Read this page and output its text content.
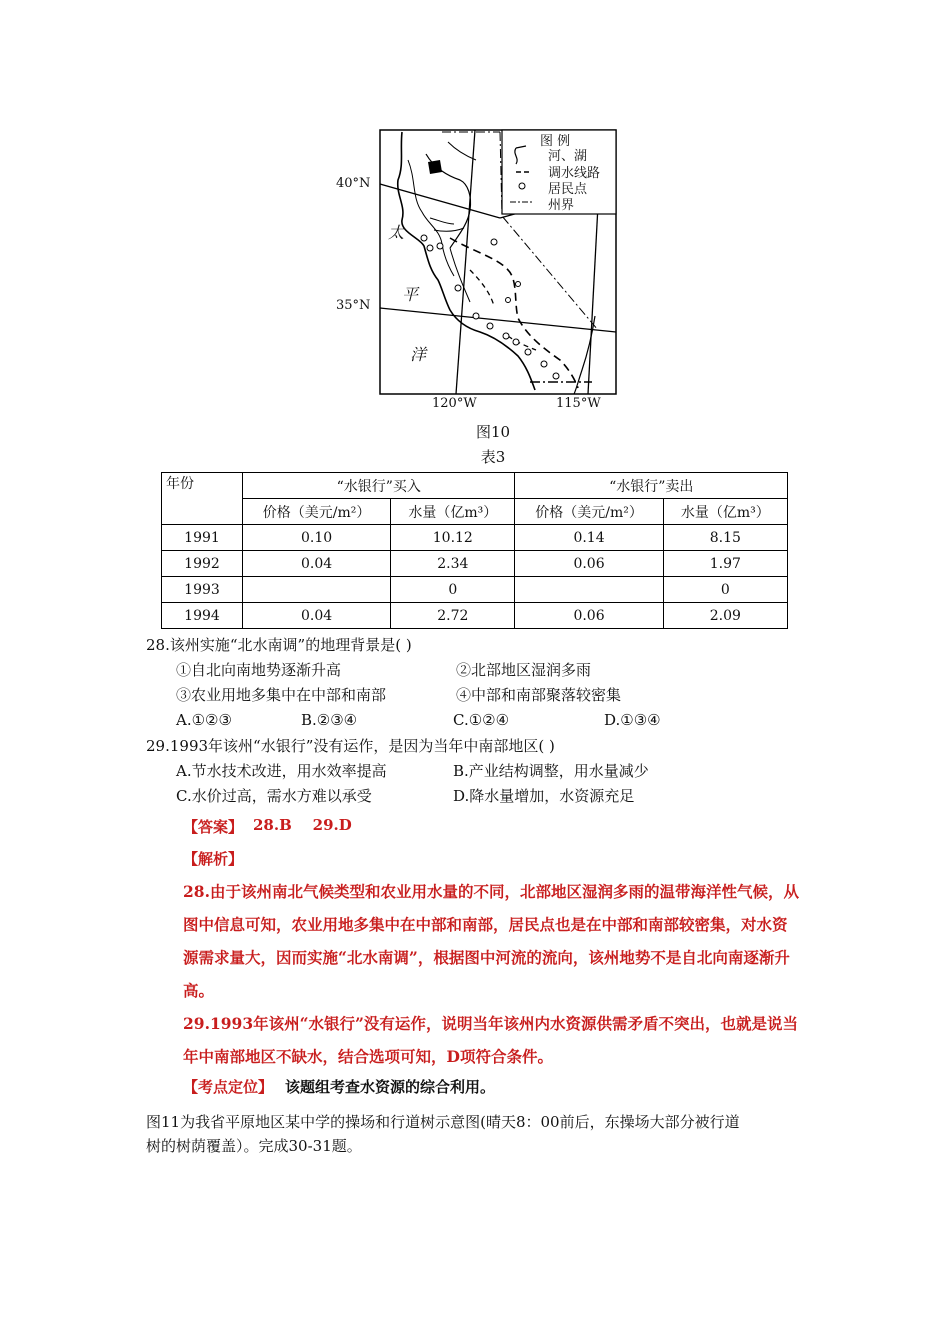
图 例
河、湖
调水线路
居民点
州界
40°N
35°N
120°W	115°W
太
平
洋
图10
表3
年份	“水银行”买入		“水银行”卖出	
	价格（美元/m²）	水量（亿m³）	价格（美元/m²）	水量（亿m³）
1991	0.10	10.12	0.14	8.15
1992	0.04	2.34	0.06	1.97
1993		0		0
1994	0.04	2.72	0.06	2.09
28.该州实施“北水南调”的地理背景是( )
①自北向南地势逐渐升高	②北部地区湿润多雨
③农业用地多集中在中部和南部	④中部和南部聚落较密集
A.①②③	B.②③④	C.①②④	D.①③④
29.1993年该州“水银行”没有运作，是因为当年中南部地区( )
A.节水技术改进，用水效率提高	B.产业结构调整，用水量减少
C.水价过高，需水方难以承受	D.降水量增加，水资源充足
【答案】 28.B    29.D
【解析】
28.由于该州南北气候类型和农业用水量的不同，北部地区湿润多雨的温带海洋性气候，从
图中信息可知，农业用地多集中在中部和南部，居民点也是在中部和南部较密集，对水资
源需求量大，因而实施“北水南调”，根据图中河流的流向，该州地势不是自北向南逐渐升
高。
29.1993年该州“水银行”没有运作，说明当年该州内水资源供需矛盾不突出，也就是说当
年中南部地区不缺水，结合选项可知，D项符合条件。
【考点定位】 该题组考查水资源的综合利用。
图11为我省平原地区某中学的操场和行道树示意图(晴天8：00前后，东操场大部分被行道
树的树荫覆盖）。完成30-31题。
